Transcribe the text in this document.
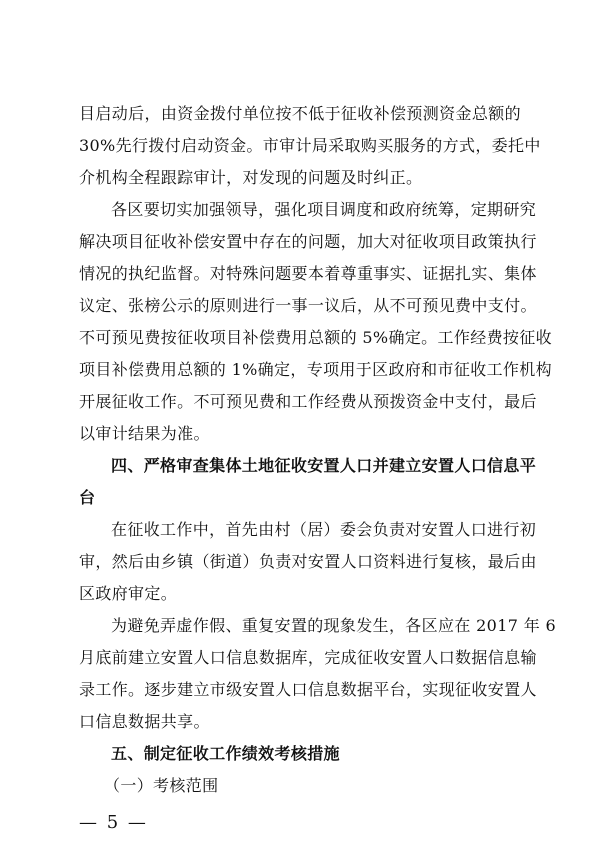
目启动后，由资金拨付单位按不低于征收补偿预测资金总额的
30%先行拨付启动资金。市审计局采取购买服务的方式，委托中
介机构全程跟踪审计，对发现的问题及时纠正。
各区要切实加强领导，强化项目调度和政府统筹，定期研究
解决项目征收补偿安置中存在的问题，加大对征收项目政策执行
情况的执纪监督。对特殊问题要本着尊重事实、证据扎实、集体
议定、张榜公示的原则进行一事一议后，从不可预见费中支付。
不可预见费按征收项目补偿费用总额的 5%确定。工作经费按征收
项目补偿费用总额的 1%确定，专项用于区政府和市征收工作机构
开展征收工作。不可预见费和工作经费从预拨资金中支付，最后
以审计结果为准。
四、严格审查集体土地征收安置人口并建立安置人口信息平
台
在征收工作中，首先由村（居）委会负责对安置人口进行初
审，然后由乡镇（街道）负责对安置人口资料进行复核，最后由
区政府审定。
为避免弄虚作假、重复安置的现象发生，各区应在 2017 年 6
月底前建立安置人口信息数据库，完成征收安置人口数据信息输
录工作。逐步建立市级安置人口信息数据平台，实现征收安置人
口信息数据共享。
五、制定征收工作绩效考核措施
（一）考核范围
— 5 —
